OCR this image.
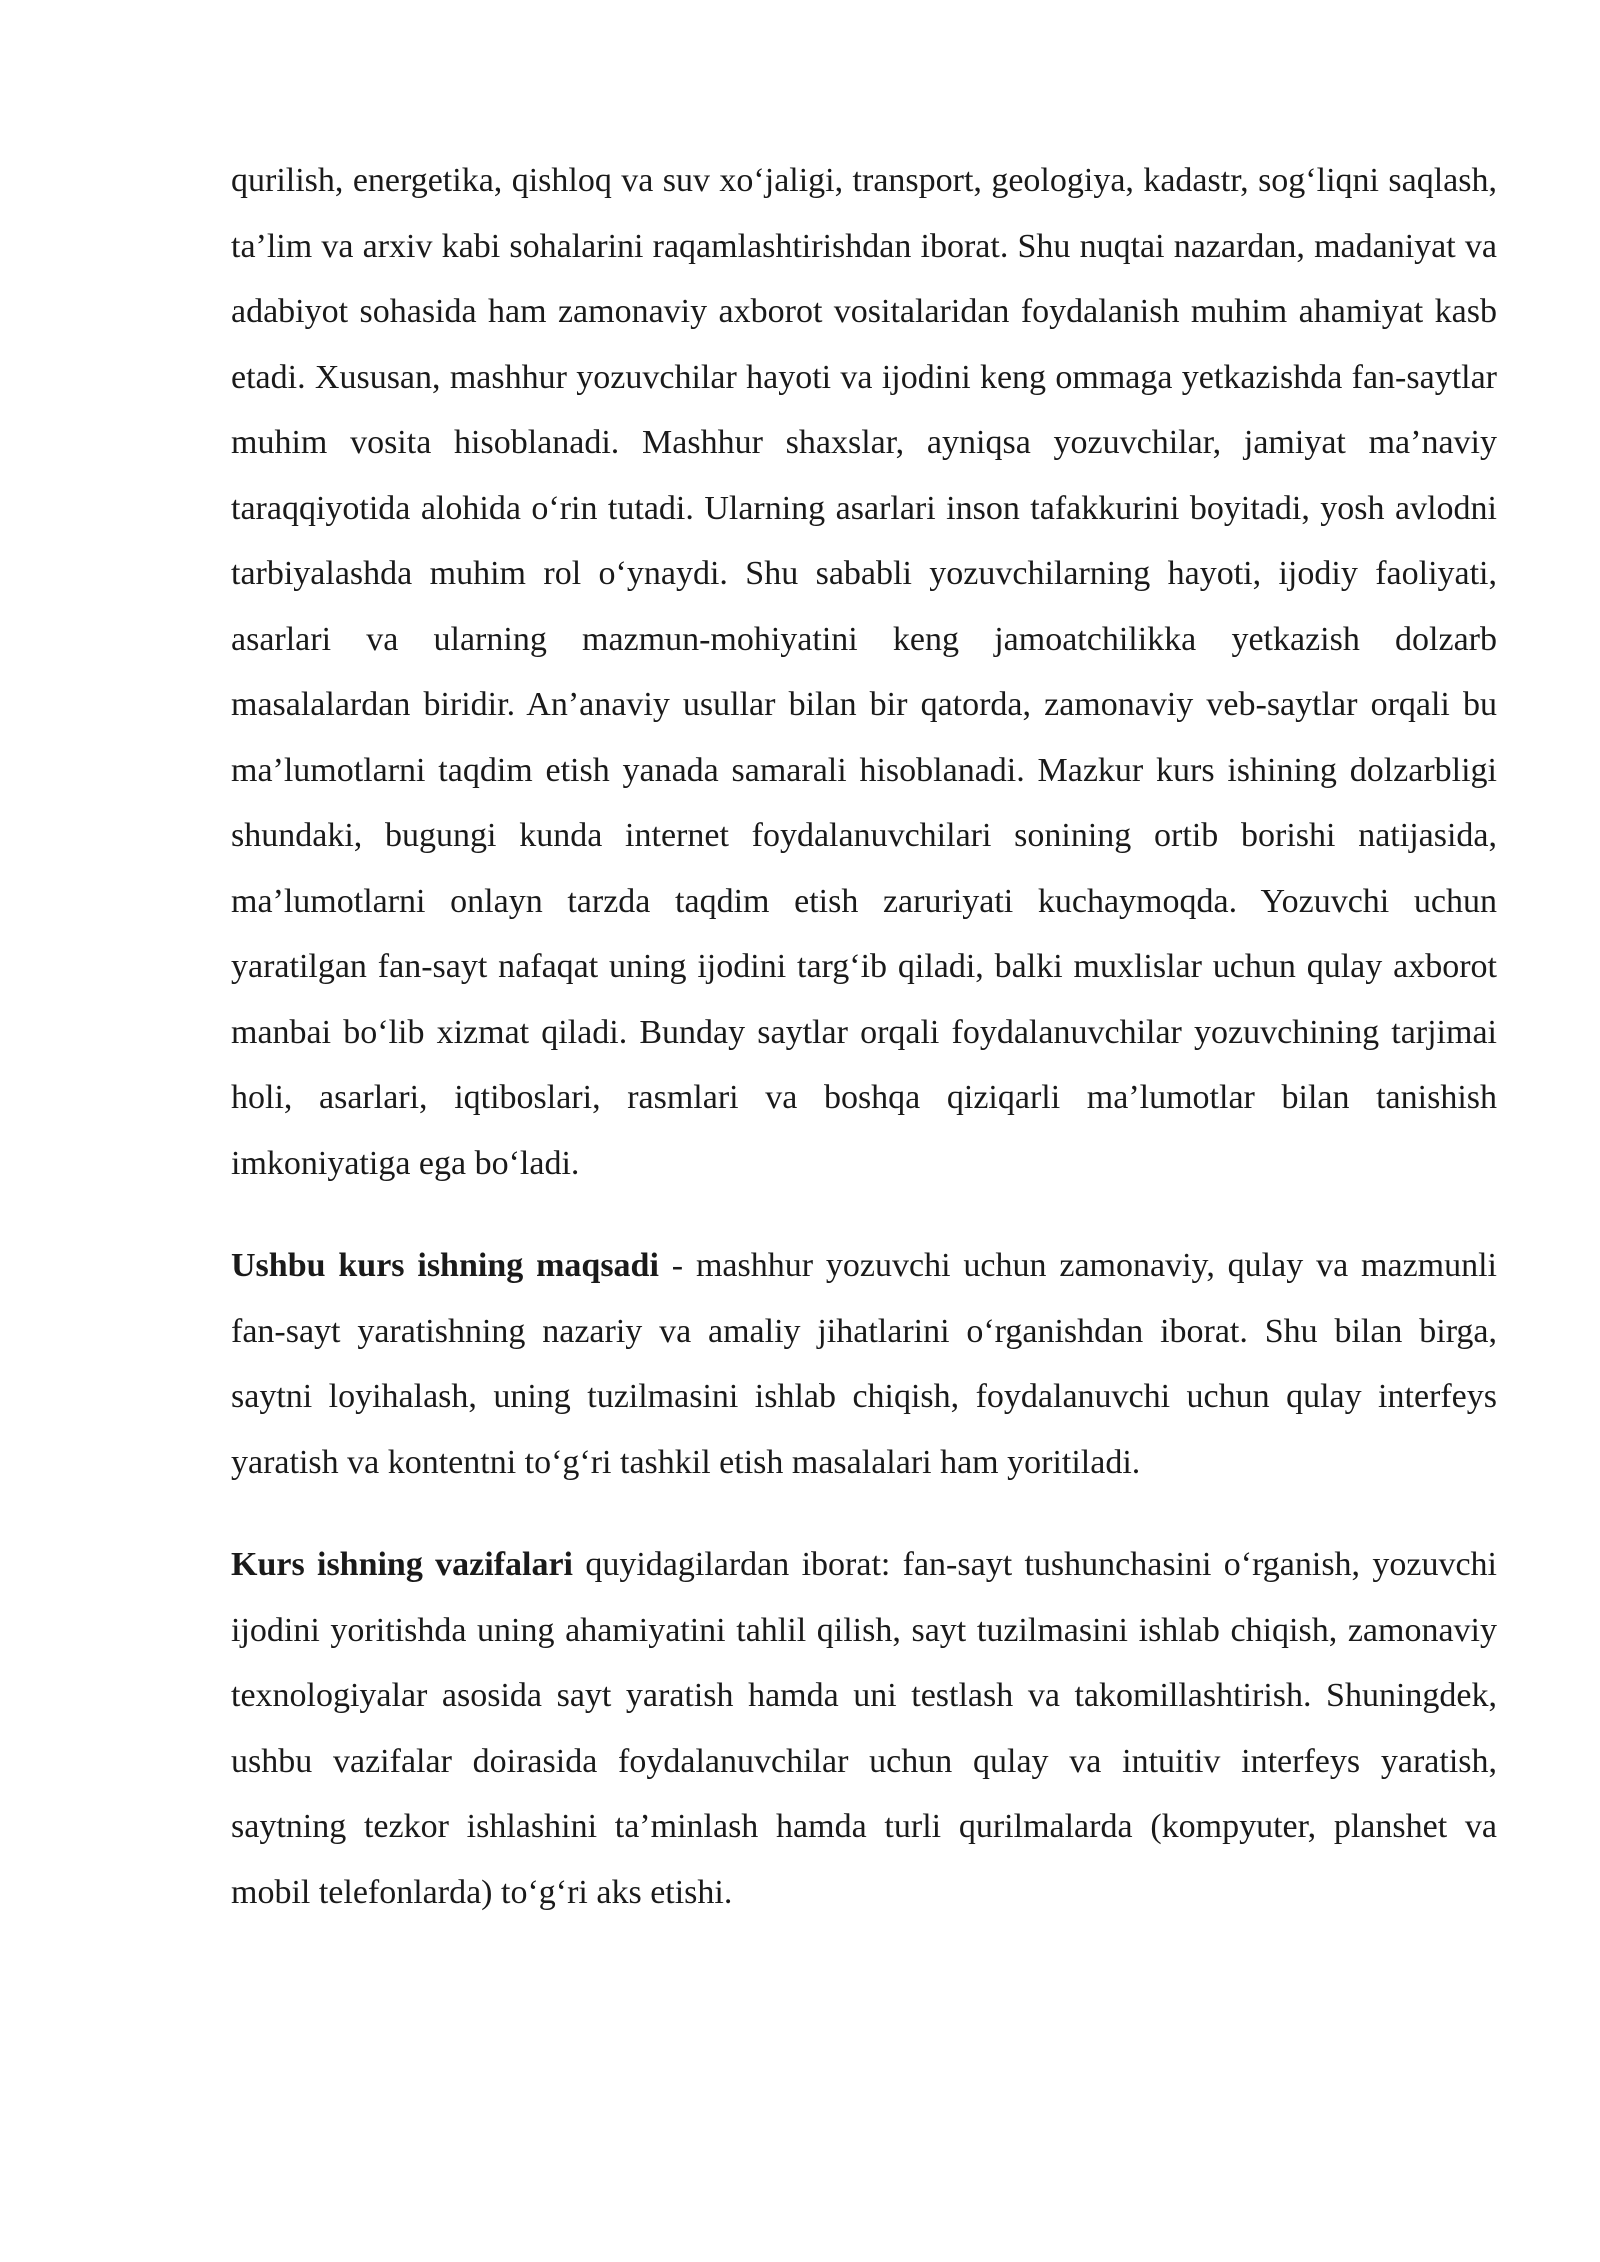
qurilish, energetika, qishloq va suv xo‘jaligi, transport, geologiya, kadastr, sog‘liqni saqlash, ta’lim va arxiv kabi sohalarini raqamlashtirishdan iborat. Shu nuqtai nazardan, madaniyat va adabiyot sohasida ham zamonaviy axborot vositalaridan foydalanish muhim ahamiyat kasb etadi. Xususan, mashhur yozuvchilar hayoti va ijodini keng ommaga yetkazishda fan-saytlar muhim vosita hisoblanadi. Mashhur shaxslar, ayniqsa yozuvchilar, jamiyat ma’naviy taraqqiyotida alohida o‘rin tutadi. Ularning asarlari inson tafakkurini boyitadi, yosh avlodni tarbiyalashda muhim rol o‘ynaydi. Shu sababli yozuvchilarning hayoti, ijodiy faoliyati, asarlari va ularning mazmun-mohiyatini keng jamoatchilikka yetkazish dolzarb masalalardan biridir. An’anaviy usullar bilan bir qatorda, zamonaviy veb-saytlar orqali bu ma’lumotlarni taqdim etish yanada samarali hisoblanadi. Mazkur kurs ishining dolzarbligi shundaki, bugungi kunda internet foydalanuvchilari sonining ortib borishi natijasida, ma’lumotlarni onlayn tarzda taqdim etish zaruriyati kuchaymoqda. Yozuvchi uchun yaratilgan fan-sayt nafaqat uning ijodini targ‘ib qiladi, balki muxlislar uchun qulay axborot manbai bo‘lib xizmat qiladi. Bunday saytlar orqali foydalanuvchilar yozuvchining tarjimai holi, asarlari, iqtiboslari, rasmlari va boshqa qiziqarli ma’lumotlar bilan tanishish imkoniyatiga ega bo‘ladi.

Ushbu kurs ishning maqsadi - mashhur yozuvchi uchun zamonaviy, qulay va mazmunli fan-sayt yaratishning nazariy va amaliy jihatlarini o‘rganishdan iborat. Shu bilan birga, saytni loyihalash, uning tuzilmasini ishlab chiqish, foydalanuvchi uchun qulay interfeys yaratish va kontentni to‘g‘ri tashkil etish masalalari ham yoritiladi.

Kurs ishning vazifalari quyidagilardan iborat: fan-sayt tushunchasini o‘rganish, yozuvchi ijodini yoritishda uning ahamiyatini tahlil qilish, sayt tuzilmasini ishlab chiqish, zamonaviy texnologiyalar asosida sayt yaratish hamda uni testlash va takomillashtirish. Shuningdek, ushbu vazifalar doirasida foydalanuvchilar uchun qulay va intuitiv interfeys yaratish, saytning tezkor ishlashini ta’minlash hamda turli qurilmalarda (kompyuter, planshet va mobil telefonlarda) to‘g‘ri aks etishi.
